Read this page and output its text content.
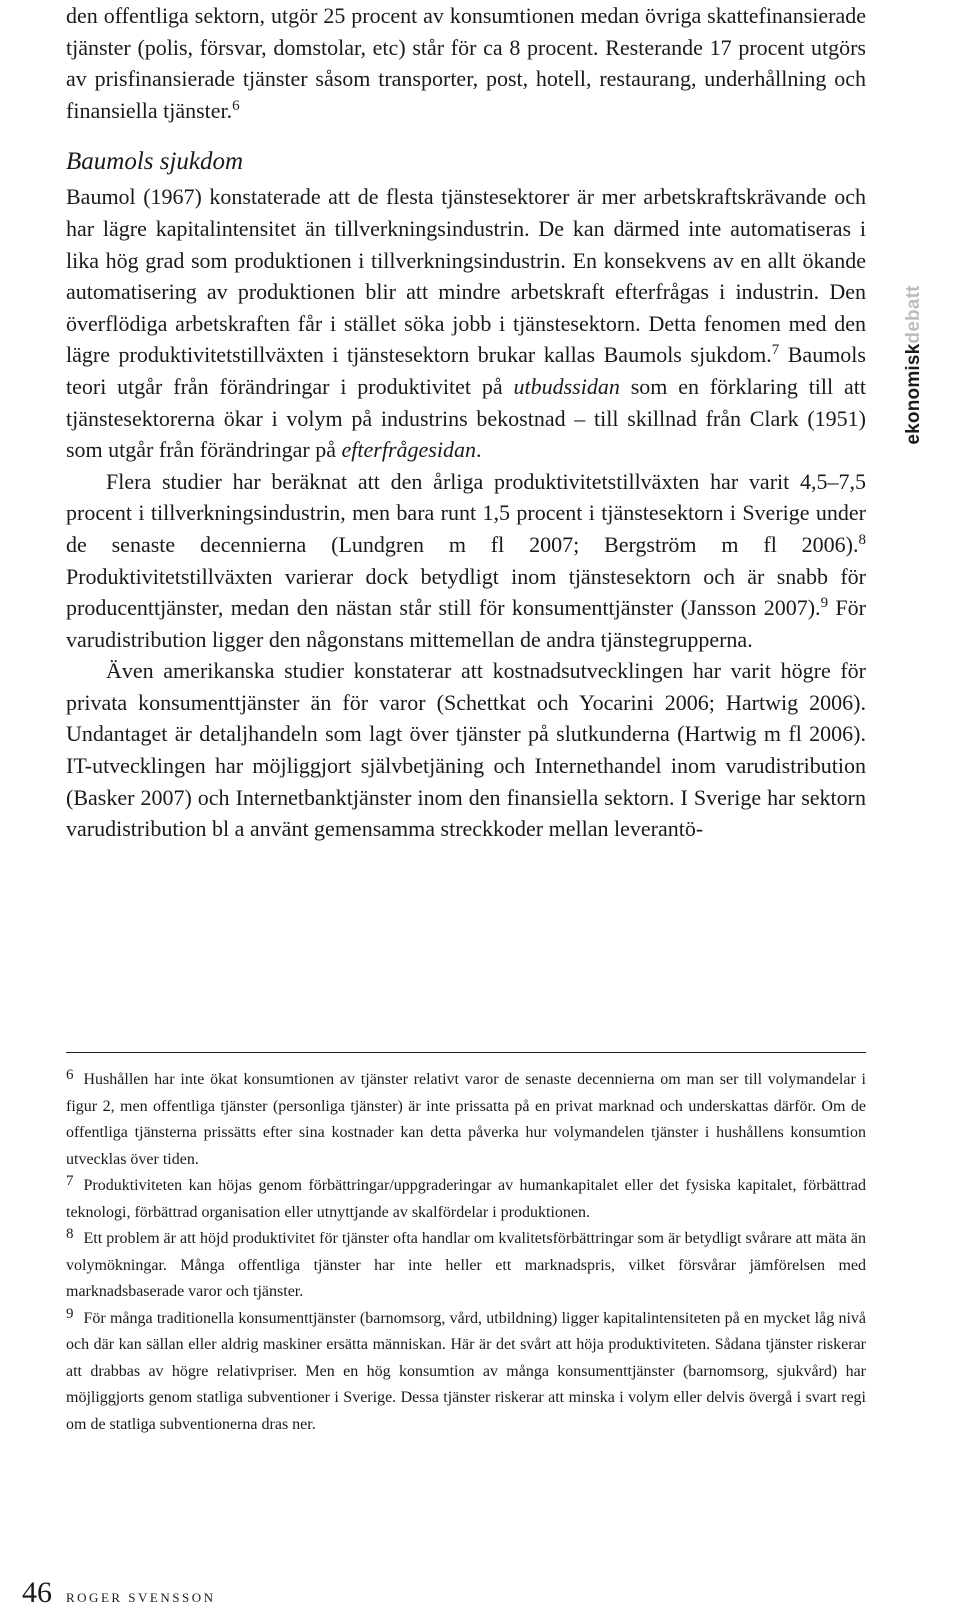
den offentliga sektorn, utgör 25 procent av konsumtionen medan övriga skattefinansierade tjänster (polis, försvar, domstolar, etc) står för ca 8 procent. Resterande 17 procent utgörs av prisfinansierade tjänster såsom transporter, post, hotell, restaurang, underhållning och finansiella tjänster.$^6$

Baumols sjukdom

Baumol (1967) konstaterade att de flesta tjänstesektorer är mer arbetskraftskrävande och har lägre kapitalintensitet än tillverkningsindustrin. De kan därmed inte automatiseras i lika hög grad som produktionen i tillverkningsindustrin. En konsekvens av en allt ökande automatisering av produktionen blir att mindre arbetskraft efterfrågas i industrin. Den överflödiga arbetskraften får i stället söka jobb i tjänstesektorn. Detta fenomen med den lägre produktivitetstillväxten i tjänstesektorn brukar kallas Baumols sjukdom.$^7$ Baumols teori utgår från förändringar i produktivitet på utbudssidan som en förklaring till att tjänstesektorerna ökar i volym på industrins bekostnad – till skillnad från Clark (1951) som utgår från förändringar på efterfrågesidan.

Flera studier har beräknat att den årliga produktivitetstillväxten har varit 4,5–7,5 procent i tillverkningsindustrin, men bara runt 1,5 procent i tjänstesektorn i Sverige under de senaste decennierna (Lundgren m fl 2007; Bergström m fl 2006).$^8$ Produktivitetstillväxten varierar dock betydligt inom tjänstesektorn och är snabb för producenttjänster, medan den nästan står still för konsumenttjänster (Jansson 2007).$^9$ För varudistribution ligger den någonstans mittemellan de andra tjänstegrupperna.

Även amerikanska studier konstaterar att kostnadsutvecklingen har varit högre för privata konsumenttjänster än för varor (Schettkat och Yocarini 2006; Hartwig 2006). Undantaget är detaljhandeln som lagt över tjänster på slutkunderna (Hartwig m fl 2006). IT-utvecklingen har möjliggjort självbetjäning och Internethandel inom varudistribution (Basker 2007) och Internetbanktjänster inom den finansiella sektorn. I Sverige har sektorn varudistribution bl a använt gemensamma streckkoder mellan leverantö-

6 Hushållen har inte ökat konsumtionen av tjänster relativt varor de senaste decennierna om man ser till volymandelar i figur 2, men offentliga tjänster (personliga tjänster) är inte prissatta på en privat marknad och underskattas därför. Om de offentliga tjänsterna prissätts efter sina kostnader kan detta påverka hur volymandelen tjänster i hushållens konsumtion utvecklas över tiden.

7 Produktiviteten kan höjas genom förbättringar/uppgraderingar av humankapitalet eller det fysiska kapitalet, förbättrad teknologi, förbättrad organisation eller utnyttjande av skalfördelar i produktionen.

8 Ett problem är att höjd produktivitet för tjänster ofta handlar om kvalitetsförbättringar som är betydligt svårare att mäta än volymökningar. Många offentliga tjänster har inte heller ett marknadspris, vilket försvårar jämförelsen med marknadsbaserade varor och tjänster.

9 För många traditionella konsumenttjänster (barnomsorg, vård, utbildning) ligger kapitalintensiteten på en mycket låg nivå och där kan sällan eller aldrig maskiner ersätta människan. Här är det svårt att höja produktiviteten. Sådana tjänster riskerar att drabbas av högre relativpriser. Men en hög konsumtion av många konsumenttjänster (barnomsorg, sjukvård) har möjliggjorts genom statliga subventioner i Sverige. Dessa tjänster riskerar att minska i volym eller delvis övergå i svart regi om de statliga subventionerna dras ner.

ekonomiskdebatt
46 ROGER SVENSSON
